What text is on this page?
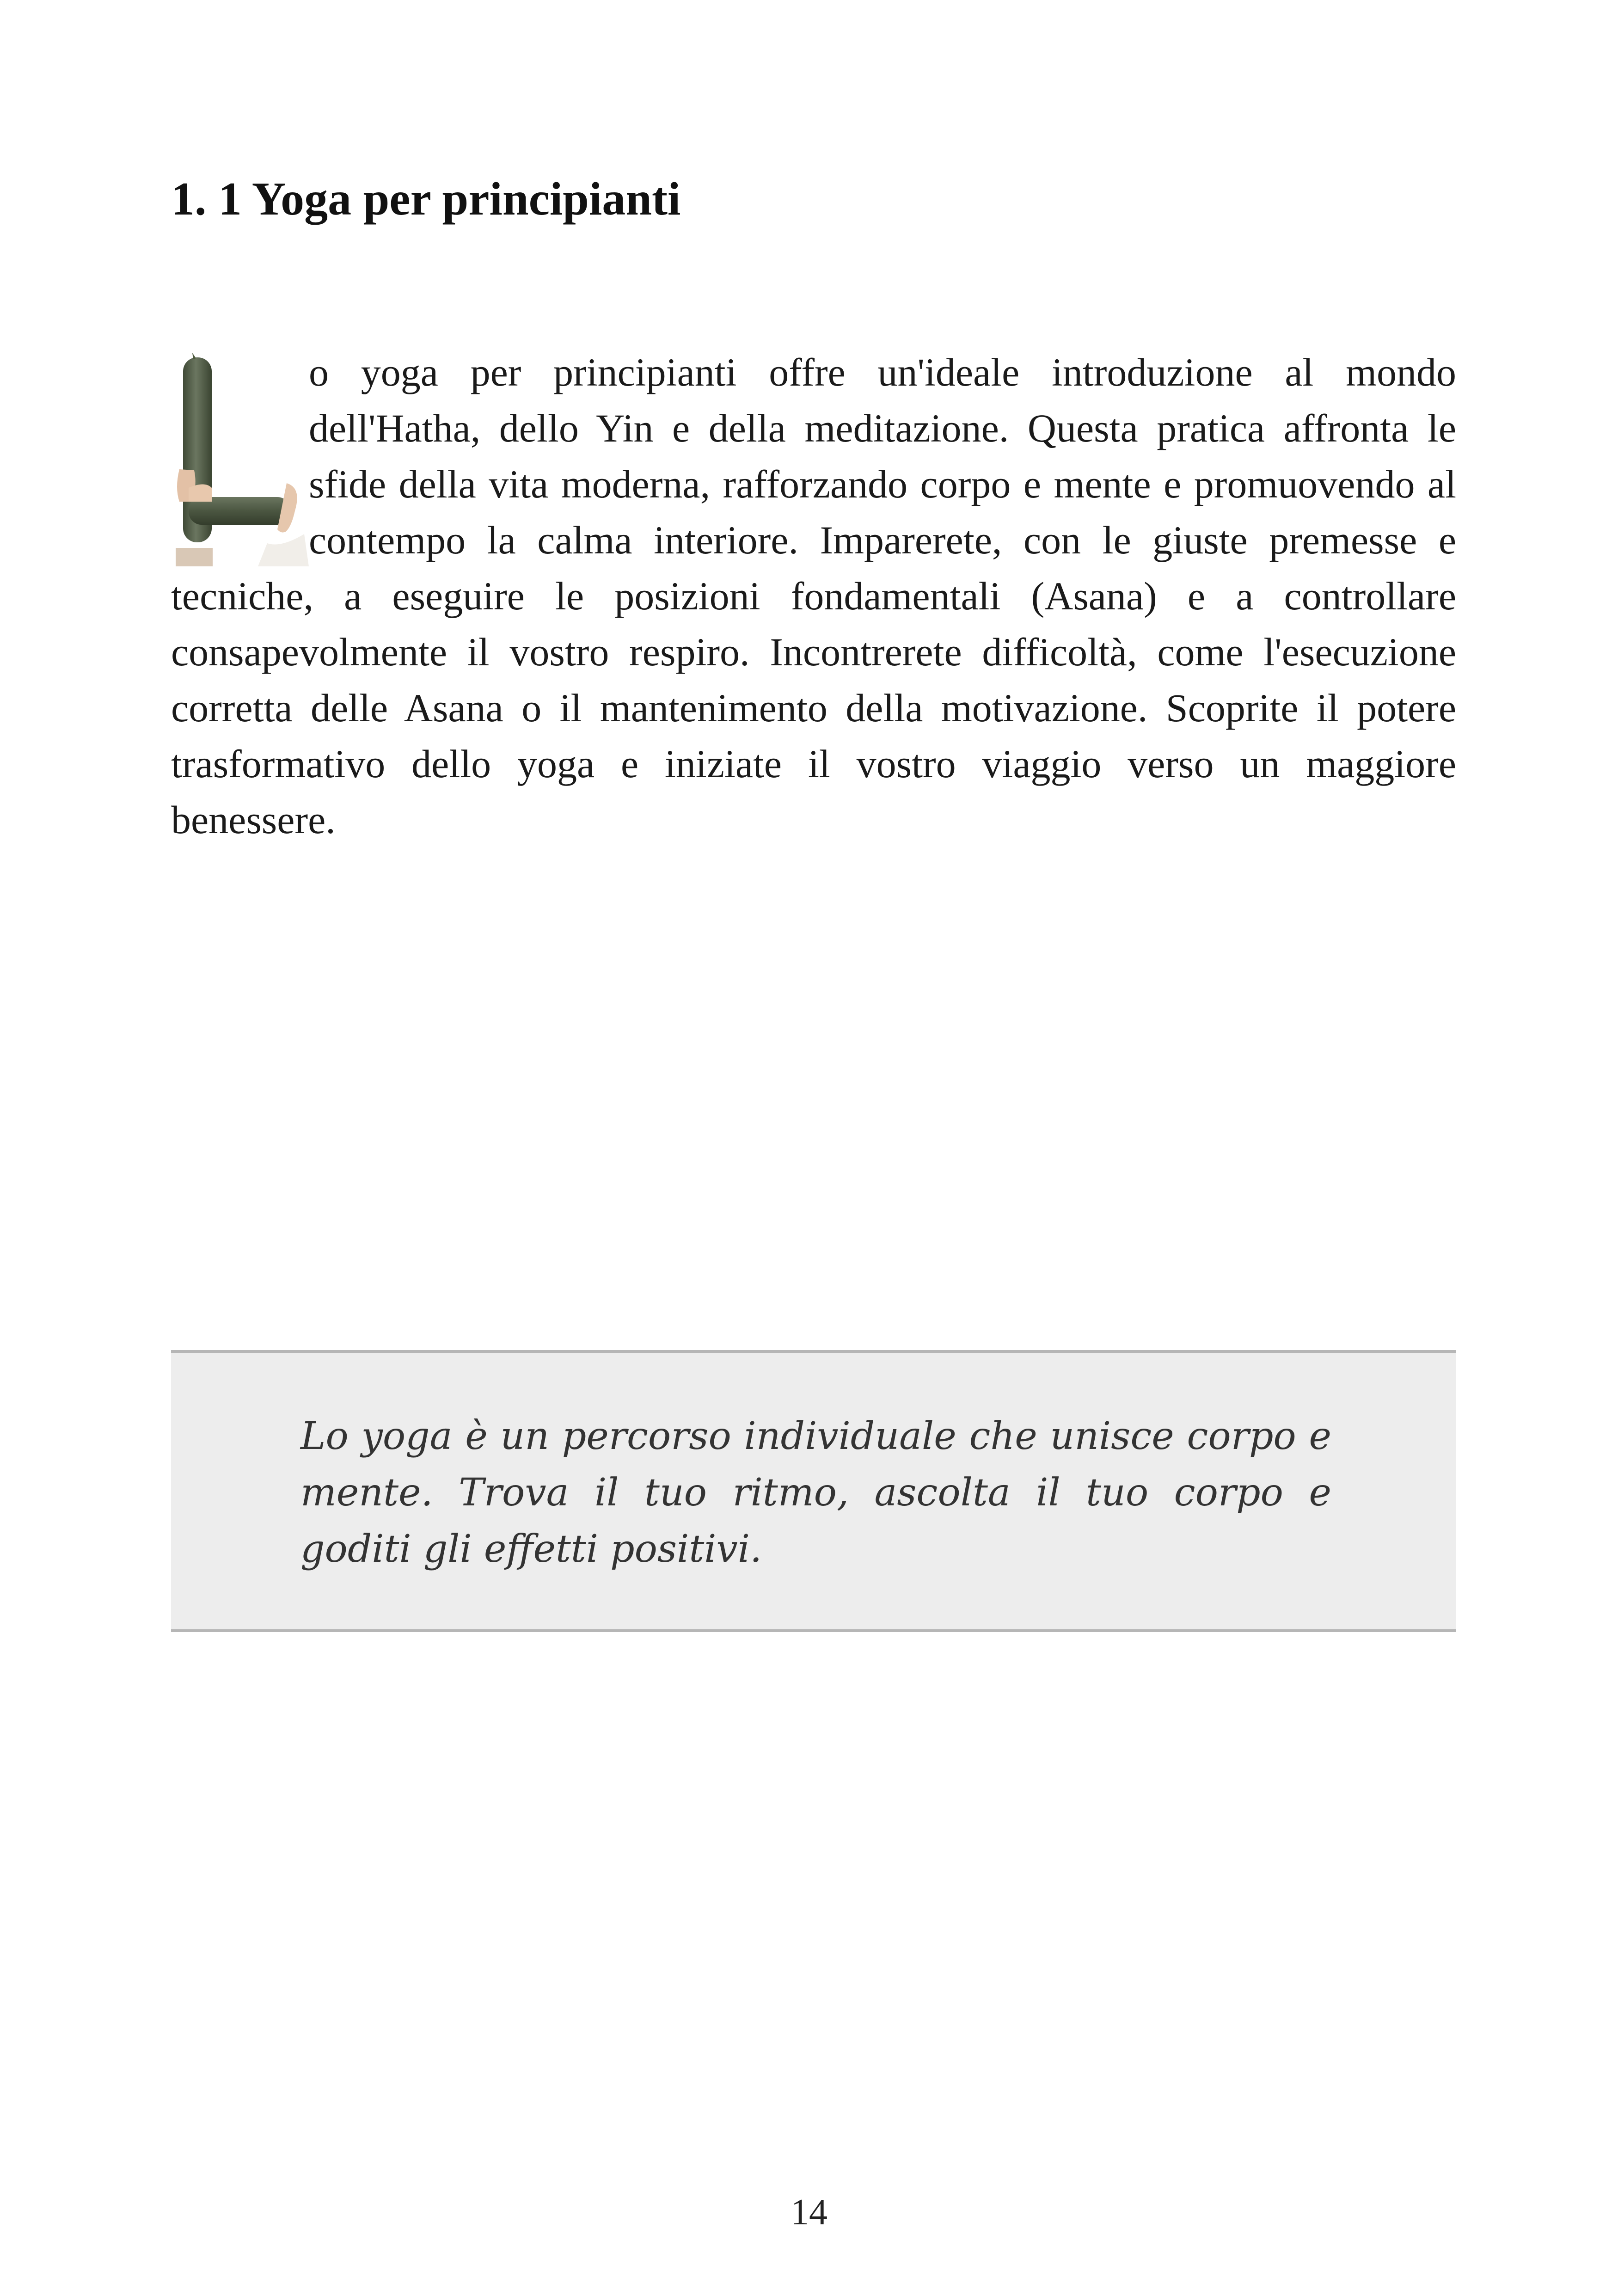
1. 1 Yoga per principianti
o yoga per principianti offre un'ideale introduzione al mondo dell'Hatha, dello Yin e della meditazione. Questa pratica affronta le sfide della vita moderna, rafforzando corpo e mente e promuovendo al contempo la calma interiore. Imparerete, con le giuste premesse e tecniche, a eseguire le posizioni fondamentali (Asana) e a controllare consapevolmente il vostro respiro. Incontrerete difficoltà, come l'esecuzione corretta delle Asana o il mantenimento della motivazione. Scoprite il potere trasformativo dello yoga e iniziate il vostro viaggio verso un maggiore benessere.
Lo yoga è un percorso individuale che unisce corpo e mente. Trova il tuo ritmo, ascolta il tuo corpo e goditi gli effetti positivi.
14
